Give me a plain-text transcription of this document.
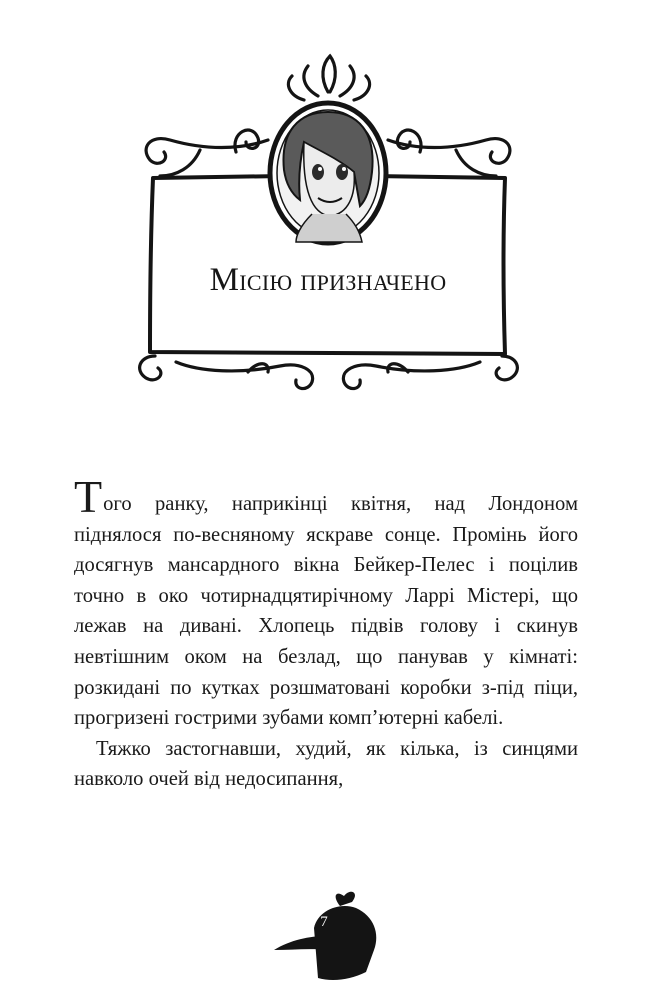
Місію призначено

Того ранку, наприкінці квітня, над Лондоном піднялося по-весняному яскраве сонце. Промінь його досягнув мансардного вікна Бейкер-Пелес і поцілив точно в око чотирнадцятирічному Ларрі Містері, що лежав на дивані. Хлопець підвів голову і скинув невтішним оком на безлад, що панував у кімнаті: розкидані по кутках розшматовані коробки з-під піци, прогризені гострими зубами комп’ютерні кабелі.

Тяжко застогнавши, худий, як кілька, із синцями навколо очей від недосипання,

7
